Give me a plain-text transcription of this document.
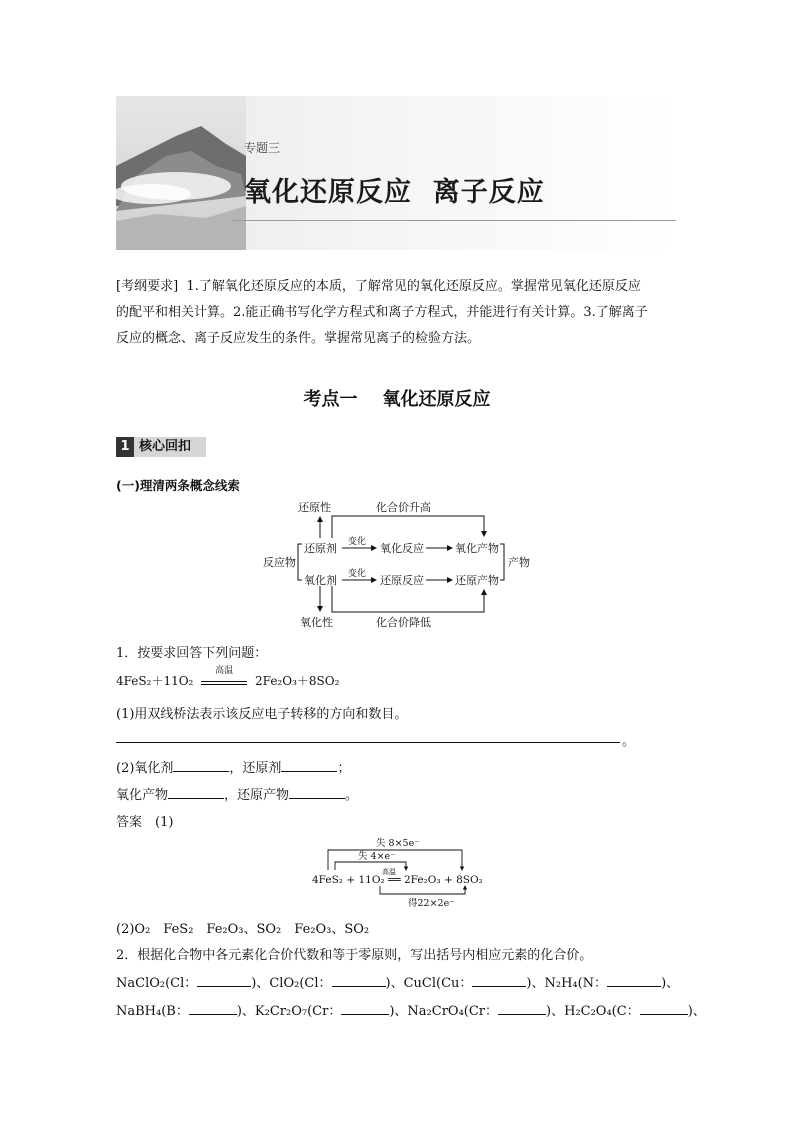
专题三
氧化还原反应  离子反应
[考纲要求] 1.了解氧化还原反应的本质，了解常见的氧化还原反应。掌握常见氧化还原反应
的配平和相关计算。2.能正确书写化学方程式和离子方程式，并能进行有关计算。3.了解离子
反应的概念、离子反应发生的条件。掌握常见离子的检验方法。
考点一    氧化还原反应
1 核心回扣
(一)理清两条概念线索
还原性	化合价升高
反应物
还原剂 变化 氧化反应	氧化产物
产物
氧化剂 变化 还原反应	还原产物
氧化性	化合价降低
1．按要求回答下列问题：
4FeS₂＋11O₂
高温
2Fe₂O₃＋8SO₂
(1)用双线桥法表示该反应电子转移的方向和数目。
。
(2)氧化剂	，还原剂	；
氧化产物	，还原产物	。
答案　(1)
失 8×5e⁻
失 4×e⁻
高温
4FeS₂ + 11O₂ ══ 2Fe₂O₃ + 8SO₂
得22×2e⁻
(2)O₂　FeS₂　Fe₂O₃、SO₂　Fe₂O₃、SO₂
2．根据化合物中各元素化合价代数和等于零原则，写出括号内相应元素的化合价。
NaClO₂(Cl：	)、ClO₂(Cl：	)、CuCl(Cu：	)、N₂H₄(N：	)、
NaBH₄(B：	)、K₂Cr₂O₇(Cr：	)、Na₂CrO₄(Cr：	)、H₂C₂O₄(C：	)、
